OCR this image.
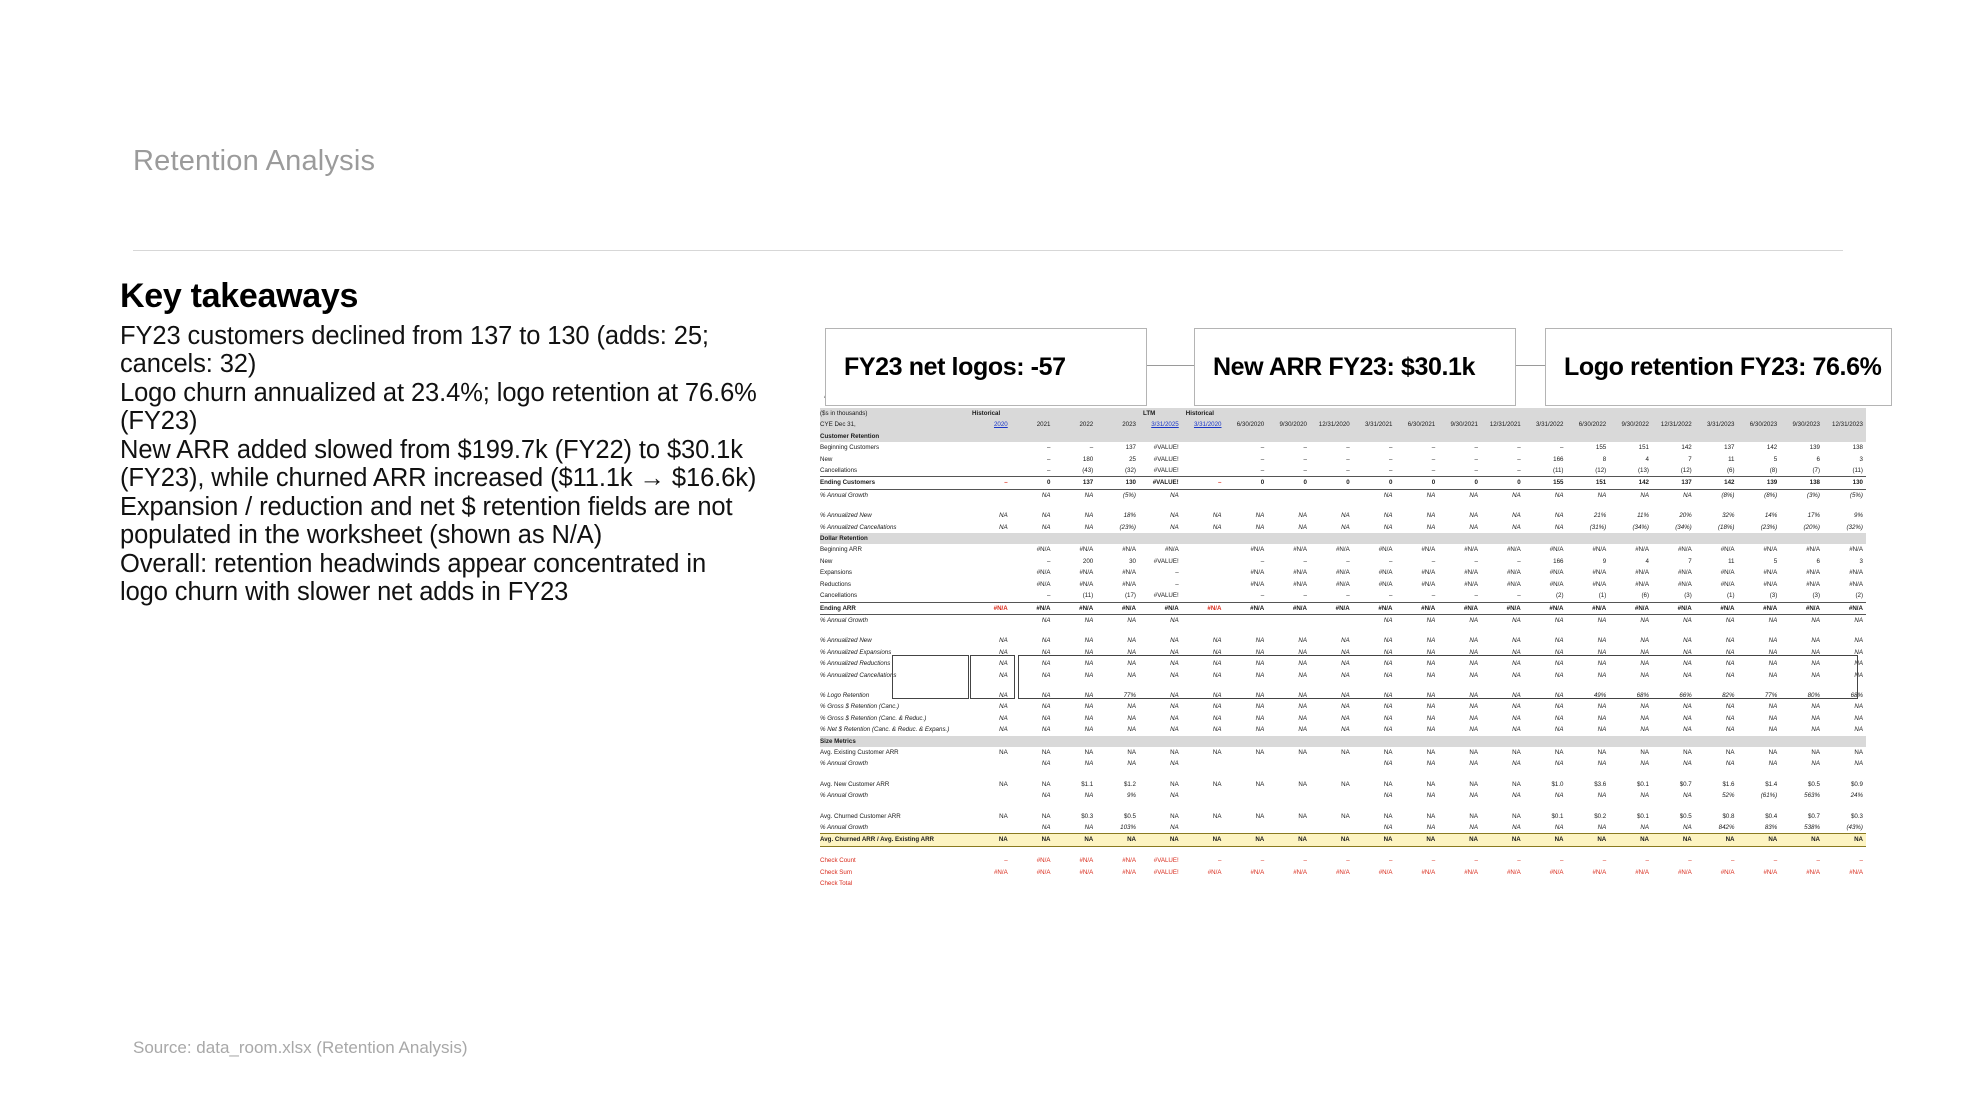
Retention Analysis
Key takeaways

FY23 customers declined from 137 to 130 (adds: 25; cancels: 32)

Logo churn annualized at 23.4%; logo retention at 76.6% (FY23)

New ARR added slowed from $199.7k (FY22) to $30.1k (FY23), while churned ARR increased ($11.1k → $16.6k)

Expansion / reduction and net $ retention fields are not populated in the worksheet (shown as N/A)

Overall: retention headwinds appear concentrated in logo churn with slower net adds in FY23

Source: data_room.xlsx (Retention Analysis)
FY23 net logos: -57	New ARR FY23: $30.1k	Logo retention FY23: 76.6%
($s in thousands)	Historical				LTM	Historical															
CYE Dec 31,	2020	2021	2022	2023	3/31/2025	3/31/2020	6/30/2020	9/30/2020	12/31/2020	3/31/2021	6/30/2021	9/30/2021	12/31/2021	3/31/2022	6/30/2022	9/30/2022	12/31/2022	3/31/2023	6/30/2023	9/30/2023	12/31/2023
Customer Retention																					
Beginning Customers		–	–	137	#VALUE!		–	–	–	–	–	–	–	–	155	151	142	137	142	139	138
New		–	180	25	#VALUE!		–	–	–	–	–	–	–	166	8	4	7	11	5	6	3
Cancellations		–	(43)	(32)	#VALUE!		–	–	–	–	–	–	–	(11)	(12)	(13)	(12)	(6)	(8)	(7)	(11)
Ending Customers	–	0	137	130	#VALUE!	–	0	0	0	0	0	0	0	155	151	142	137	142	139	138	130
% Annual Growth		NA	NA	(5%)	NA					NA	NA	NA	NA	NA	NA	NA	NA	(8%)	(8%)	(3%)	(5%)

% Annualized New	NA	NA	NA	18%	NA	NA	NA	NA	NA	NA	NA	NA	NA	NA	21%	11%	20%	32%	14%	17%	9%
% Annualized Cancellations	NA	NA	NA	(23%)	NA	NA	NA	NA	NA	NA	NA	NA	NA	NA	(31%)	(34%)	(34%)	(18%)	(23%)	(20%)	(32%)
Dollar Retention																					
Beginning ARR		#N/A	#N/A	#N/A	#N/A		#N/A	#N/A	#N/A	#N/A	#N/A	#N/A	#N/A	#N/A	#N/A	#N/A	#N/A	#N/A	#N/A	#N/A	#N/A
New		–	200	30	#VALUE!		–	–	–	–	–	–	–	166	9	4	7	11	5	6	3
Expansions		#N/A	#N/A	#N/A	–		#N/A	#N/A	#N/A	#N/A	#N/A	#N/A	#N/A	#N/A	#N/A	#N/A	#N/A	#N/A	#N/A	#N/A	#N/A
Reductions		#N/A	#N/A	#N/A	–		#N/A	#N/A	#N/A	#N/A	#N/A	#N/A	#N/A	#N/A	#N/A	#N/A	#N/A	#N/A	#N/A	#N/A	#N/A
Cancellations		–	(11)	(17)	#VALUE!		–	–	–	–	–	–	–	(2)	(1)	(6)	(3)	(1)	(3)	(3)	(2)
Ending ARR	#N/A	#N/A	#N/A	#N/A	#N/A	#N/A	#N/A	#N/A	#N/A	#N/A	#N/A	#N/A	#N/A	#N/A	#N/A	#N/A	#N/A	#N/A	#N/A	#N/A	#N/A
% Annual Growth		NA	NA	NA	NA					NA	NA	NA	NA	NA	NA	NA	NA	NA	NA	NA	NA

% Annualized New	NA	NA	NA	NA	NA	NA	NA	NA	NA	NA	NA	NA	NA	NA	NA	NA	NA	NA	NA	NA	NA
% Annualized Expansions	NA	NA	NA	NA	NA	NA	NA	NA	NA	NA	NA	NA	NA	NA	NA	NA	NA	NA	NA	NA	NA
% Annualized Reductions	NA	NA	NA	NA	NA	NA	NA	NA	NA	NA	NA	NA	NA	NA	NA	NA	NA	NA	NA	NA	NA
% Annualized Cancellations	NA	NA	NA	NA	NA	NA	NA	NA	NA	NA	NA	NA	NA	NA	NA	NA	NA	NA	NA	NA	NA

% Logo Retention	NA	NA	NA	77%	NA	NA	NA	NA	NA	NA	NA	NA	NA	NA	49%	68%	66%	82%	77%	80%	68%
% Gross $ Retention (Canc.)	NA	NA	NA	NA	NA	NA	NA	NA	NA	NA	NA	NA	NA	NA	NA	NA	NA	NA	NA	NA	NA
% Gross $ Retention (Canc. & Reduc.)	NA	NA	NA	NA	NA	NA	NA	NA	NA	NA	NA	NA	NA	NA	NA	NA	NA	NA	NA	NA	NA
% Net $ Retention (Canc. & Reduc. & Expans.)	NA	NA	NA	NA	NA	NA	NA	NA	NA	NA	NA	NA	NA	NA	NA	NA	NA	NA	NA	NA	NA
Size Metrics																					
Avg. Existing Customer ARR	NA	NA	NA	NA	NA	NA	NA	NA	NA	NA	NA	NA	NA	NA	NA	NA	NA	NA	NA	NA	NA
% Annual Growth		NA	NA	NA	NA					NA	NA	NA	NA	NA	NA	NA	NA	NA	NA	NA	NA

Avg. New Customer ARR	NA	NA	$1.1	$1.2	NA	NA	NA	NA	NA	NA	NA	NA	NA	$1.0	$3.6	$0.1	$0.7	$1.6	$1.4	$0.5	$0.9
% Annual Growth		NA	NA	9%	NA					NA	NA	NA	NA	NA	NA	NA	NA	52%	(61%)	563%	24%

Avg. Churned Customer ARR	NA	NA	$0.3	$0.5	NA	NA	NA	NA	NA	NA	NA	NA	NA	$0.1	$0.2	$0.1	$0.5	$0.8	$0.4	$0.7	$0.3
% Annual Growth		NA	NA	103%	NA					NA	NA	NA	NA	NA	NA	NA	NA	842%	83%	538%	(43%)
Avg. Churned ARR / Avg. Existing ARR	NA	NA	NA	NA	NA	NA	NA	NA	NA	NA	NA	NA	NA	NA	NA	NA	NA	NA	NA	NA	NA

Check Count	–	#N/A	#N/A	#N/A	#VALUE!	–	–	–	–	–	–	–	–	–	–	–	–	–	–	–	–
Check Sum	#N/A	#N/A	#N/A	#N/A	#VALUE!	#N/A	#N/A	#N/A	#N/A	#N/A	#N/A	#N/A	#N/A	#N/A	#N/A	#N/A	#N/A	#N/A	#N/A	#N/A	#N/A
Check Total																					
